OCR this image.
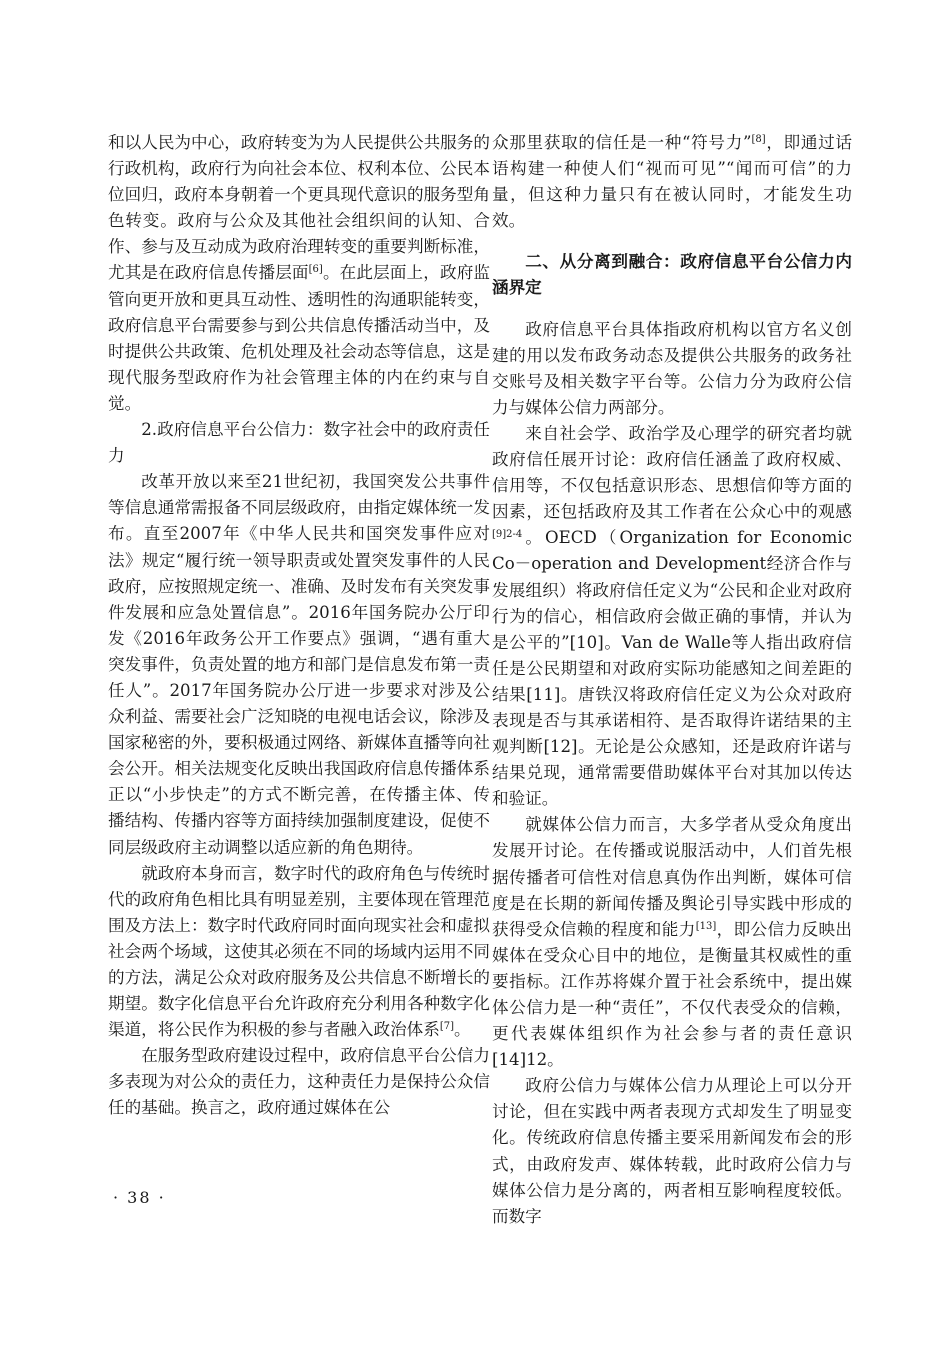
和以人民为中心，政府转变为为人民提供公共服务的行政机构，政府行为向社会本位、权利本位、公民本位回归，政府本身朝着一个更具现代意识的服务型角色转变。政府与公众及其他社会组织间的认知、合作、参与及互动成为政府治理转变的重要判断标准，尤其是在政府信息传播层面[6]。在此层面上，政府监管向更开放和更具互动性、透明性的沟通职能转变，政府信息平台需要参与到公共信息传播活动当中，及时提供公共政策、危机处理及社会动态等信息，这是现代服务型政府作为社会管理主体的内在约束与自觉。

2.政府信息平台公信力：数字社会中的政府责任力

改革开放以来至21世纪初，我国突发公共事件等信息通常需报备不同层级政府，由指定媒体统一发布。直至2007年《中华人民共和国突发事件应对法》规定“履行统一领导职责或处置突发事件的人民政府，应按照规定统一、准确、及时发布有关突发事件发展和应急处置信息”。2016年国务院办公厅印发《2016年政务公开工作要点》强调，“遇有重大突发事件，负责处置的地方和部门是信息发布第一责任人”。2017年国务院办公厅进一步要求对涉及公众利益、需要社会广泛知晓的电视电话会议，除涉及国家秘密的外，要积极通过网络、新媒体直播等向社会公开。相关法规变化反映出我国政府信息传播体系正以“小步快走”的方式不断完善，在传播主体、传播结构、传播内容等方面持续加强制度建设，促使不同层级政府主动调整以适应新的角色期待。

就政府本身而言，数字时代的政府角色与传统时代的政府角色相比具有明显差别，主要体现在管理范围及方法上：数字时代政府同时面向现实社会和虚拟社会两个场域，这使其必须在不同的场域内运用不同的方法，满足公众对政府服务及公共信息不断增长的期望。数字化信息平台允许政府充分利用各种数字化渠道，将公民作为积极的参与者融入政治体系[7]。

在服务型政府建设过程中，政府信息平台公信力多表现为对公众的责任力，这种责任力是保持公众信任的基础。换言之，政府通过媒体在公

众那里获取的信任是一种“符号力”[8]，即通过话语构建一种使人们“视而可见”“闻而可信”的力量，但这种力量只有在被认同时，才能发生功效。

二、从分离到融合：政府信息平台公信力内涵界定

政府信息平台具体指政府机构以官方名义创建的用以发布政务动态及提供公共服务的政务社交账号及相关数字平台等。公信力分为政府公信力与媒体公信力两部分。

来自社会学、政治学及心理学的研究者均就政府信任展开讨论：政府信任涵盖了政府权威、信用等，不仅包括意识形态、思想信仰等方面的因素，还包括政府及其工作者在公众心中的观感$^{[9]2-4}$。OECD（Organization for Economic Co－operation and Development经济合作与发展组织）将政府信任定义为“公民和企业对政府行为的信心，相信政府会做正确的事情，并认为是公平的”[10]。Van de Walle等人指出政府信任是公民期望和对政府实际功能感知之间差距的结果[11]。唐铁汉将政府信任定义为公众对政府表现是否与其承诺相符、是否取得许诺结果的主观判断[12]。无论是公众感知，还是政府许诺与结果兑现，通常需要借助媒体平台对其加以传达和验证。

就媒体公信力而言，大多学者从受众角度出发展开讨论。在传播或说服活动中，人们首先根据传播者可信性对信息真伪作出判断，媒体可信度是在长期的新闻传播及舆论引导实践中形成的获得受众信赖的程度和能力[13]，即公信力反映出媒体在受众心目中的地位，是衡量其权威性的重要指标。江作苏将媒介置于社会系统中，提出媒体公信力是一种“责任”，不仅代表受众的信赖，更代表媒体组织作为社会参与者的责任意识[14]12。

政府公信力与媒体公信力从理论上可以分开讨论，但在实践中两者表现方式却发生了明显变化。传统政府信息传播主要采用新闻发布会的形式，由政府发声、媒体转载，此时政府公信力与媒体公信力是分离的，两者相互影响程度较低。而数字

· 38 ·
